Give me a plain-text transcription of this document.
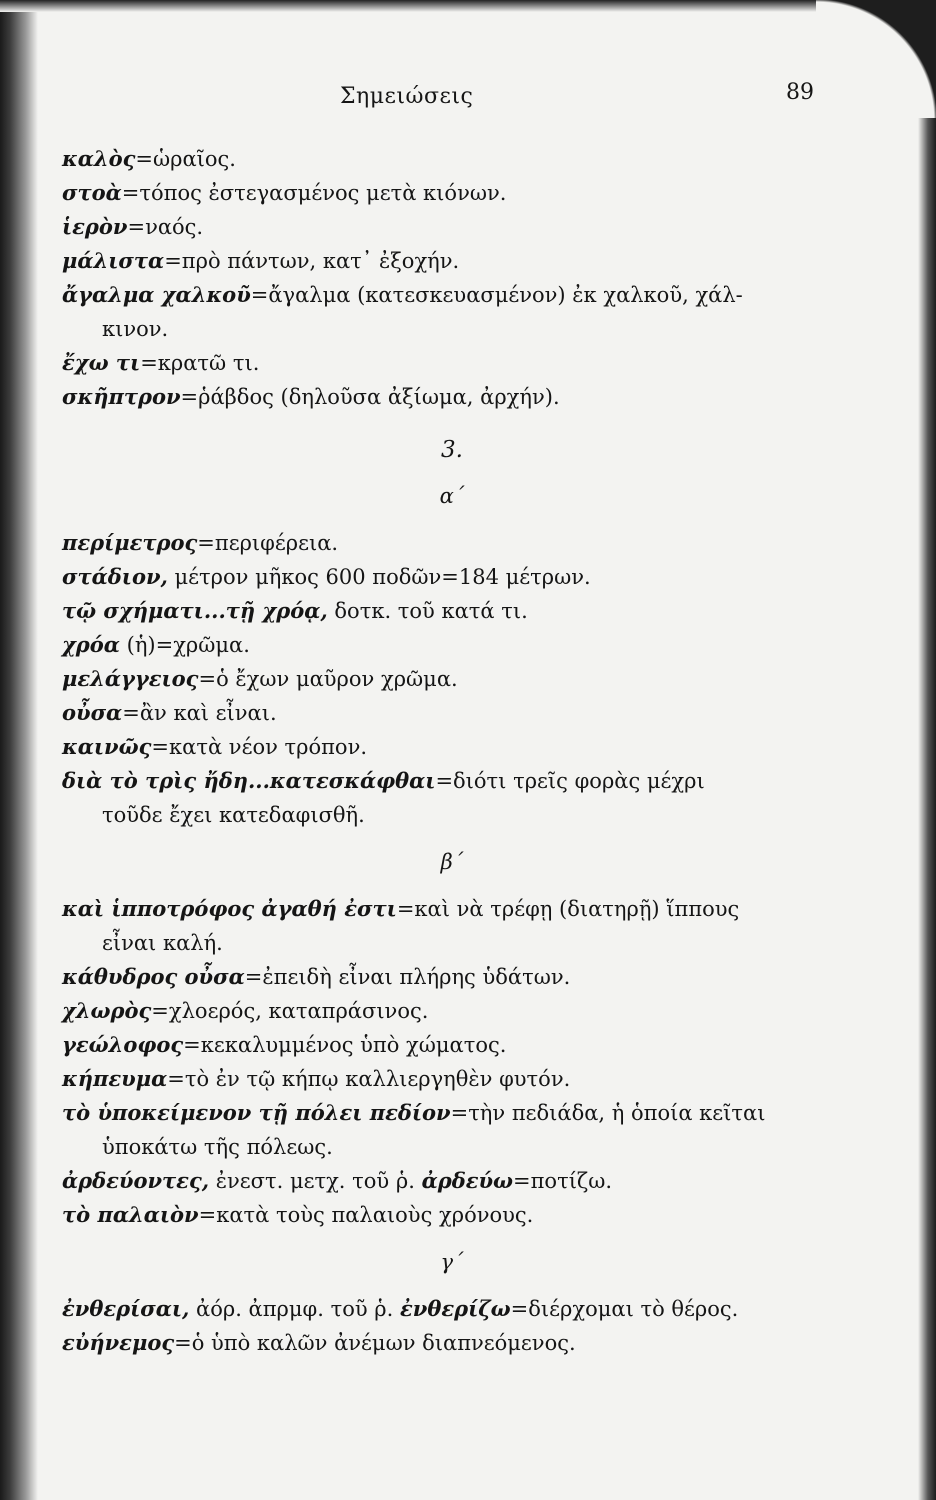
Σημειώσεις	89
καλὸς=ὡραῖος.
στοὰ=τόπος ἐστεγασμένος μετὰ κιόνων.
ἱερὸν=ναός.
μάλιστα=πρὸ πάντων, κατ᾽ ἐξοχήν.
ἄγαλμα χαλκοῦ=ἄγαλμα (κατεσκευασμένον) ἐκ χαλκοῦ, χάλ-
κινον.
ἔχω τι=κρατῶ τι.
σκῆπτρον=ῥάβδος (δηλοῦσα ἀξίωμα, ἀρχήν).
3.
α΄
περίμετρος=περιφέρεια.
στάδιον, μέτρον μῆκος 600 ποδῶν=184 μέτρων.
τῷ σχήματι...τῇ χρόᾳ, δοτκ. τοῦ κατά τι.
χρόα (ἡ)=χρῶμα.
μελάγγειος=ὁ ἔχων μαῦρον χρῶμα.
οὖσα=ἂν καὶ εἶναι.
καινῶς=κατὰ νέον τρόπον.
διὰ τὸ τρὶς ἤδη...κατεσκάφθαι=διότι τρεῖς φορὰς μέχρι
τοῦδε ἔχει κατεδαφισθῆ.
β΄
καὶ ἱπποτρόφος ἀγαθή ἐστι=καὶ νὰ τρέφῃ (διατηρῇ) ἵππους
εἶναι καλή.
κάθυδρος οὖσα=ἐπειδὴ εἶναι πλήρης ὑδάτων.
χλωρὸς=χλοερός, καταπράσινος.
γεώλοφος=κεκαλυμμένος ὑπὸ χώματος.
κήπευμα=τὸ ἐν τῷ κήπῳ καλλιεργηθὲν φυτόν.
τὸ ὑποκείμενον τῇ πόλει πεδίον=τὴν πεδιάδα, ἡ ὁποία κεῖται
ὑποκάτω τῆς πόλεως.
ἀρδεύοντες, ἐνεστ. μετχ. τοῦ ῥ. ἀρδεύω=ποτίζω.
τὸ παλαιὸν=κατὰ τοὺς παλαιοὺς χρόνους.
γ΄
ἐνθερίσαι, ἀόρ. ἀπρμφ. τοῦ ῥ. ἐνθερίζω=διέρχομαι τὸ θέρος.
εὐήνεμος=ὁ ὑπὸ καλῶν ἀνέμων διαπνεόμενος.
